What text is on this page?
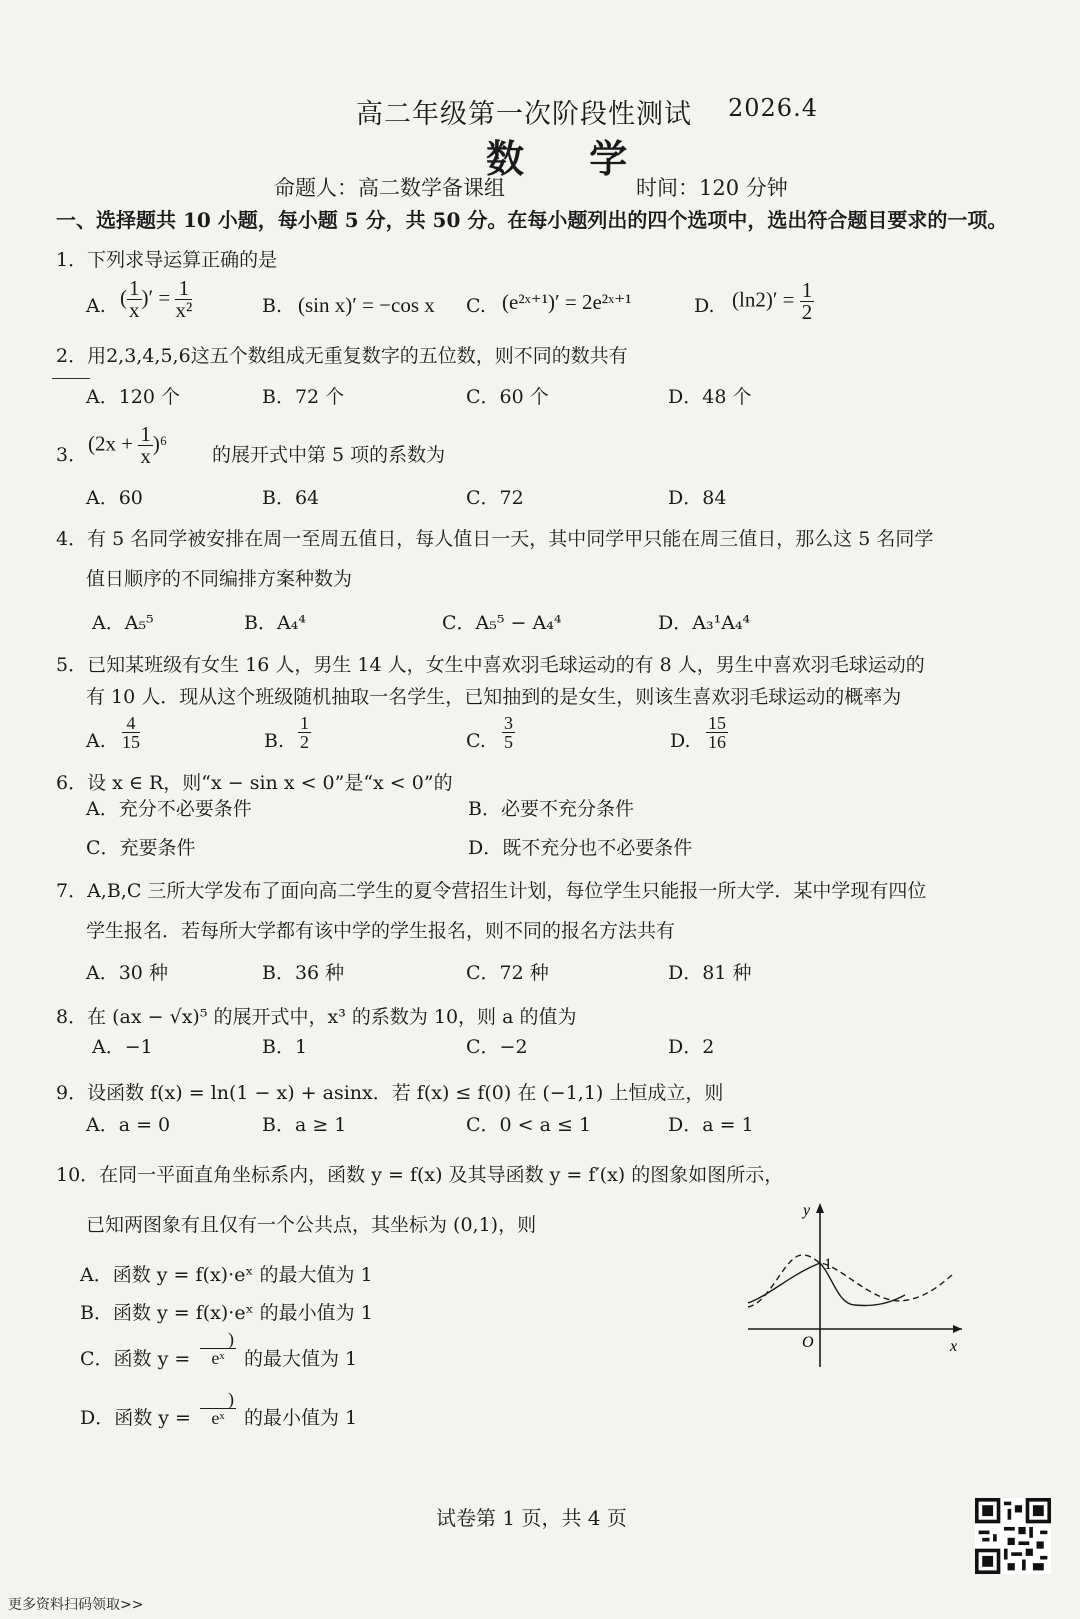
高二年级第一次阶段性测试 2026.4
数 学
命题人：高二数学备课组	时间：120 分钟
一、选择题共 10 小题，每小题 5 分，共 50 分。在每小题列出的四个选项中，选出符合题目要求的一项。
1．下列求导运算正确的是
A. ( $\frac{1}{x}$ )′ = $\frac{1}{\text{x²}}$	B. (sin x)′ = −cos x C. (e²ˣ⁺¹)′ = 2e²ˣ⁺¹	D. $(\ln 2)' = \frac{1}{2}$
2．用2,3,4,5,6这五个数组成无重复数字的五位数，则不同的数共有
A．120 个	B．72 个	C．60 个	D．48 个
3． $(2x + \frac{1}{x} )^6$ 的展开式中第 5 项的系数为
A．60	B．64	C．72	D．84
4．有 5 名同学被安排在周一至周五值日，每人值日一天，其中同学甲只能在周三值日，那么这 5 名同学
值日顺序的不同编排方案种数为
A．A₅⁵	B．A₄⁴	C．A₅⁵ − A₄⁴	D．A₃¹A₄⁴
5．已知某班级有女生 16 人，男生 14 人，女生中喜欢羽毛球运动的有 8 人，男生中喜欢羽毛球运动的
有 10 人．现从这个班级随机抽取一名学生，已知抽到的是女生，则该生喜欢羽毛球运动的概率为
A. $\frac{4}{15}$	B. $\frac{1}{2}$	C. $\frac{3}{5}$	D. $\frac{15}{16}$
6．设 x ∈ R，则“x − sin x < 0”是“x < 0”的
A．充分不必要条件	B．必要不充分条件
C．充要条件	D．既不充分也不必要条件
7．A,B,C 三所大学发布了面向高二学生的夏令营招生计划，每位学生只能报一所大学．某中学现有四位
学生报名．若每所大学都有该中学的学生报名，则不同的报名方法共有
A．30 种	B．36 种	C．72 种	D．81 种
8．在 (ax − √x)⁵ 的展开式中，x³ 的系数为 10，则 a 的值为
A．−1	B．1	C．−2	D．2
9．设函数 f(x) = ln(1 − x) + asinx．若 f(x) ≤ f(0) 在 (−1,1) 上恒成立，则
A．a = 0	B．a ≥ 1	C．0 < a ≤ 1	D．a = 1
10．在同一平面直角坐标系内，函数 y = f(x) 及其导函数 y = f′(x) 的图象如图所示，
已知两图象有且仅有一个公共点，其坐标为 (0,1)，则
A．函数 y = f(x)·eˣ 的最大值为 1
B．函数 y = f(x)·eˣ 的最小值为 1
C．函数 $y = \frac{)}{\text{eˣ}}$ 的最大值为 1
D．函数 $y = \frac{)}{\text{eˣ}}$ 的最小值为 1
y
x
O
1
试卷第 1 页，共 4 页
更多资料扫码领取>>
